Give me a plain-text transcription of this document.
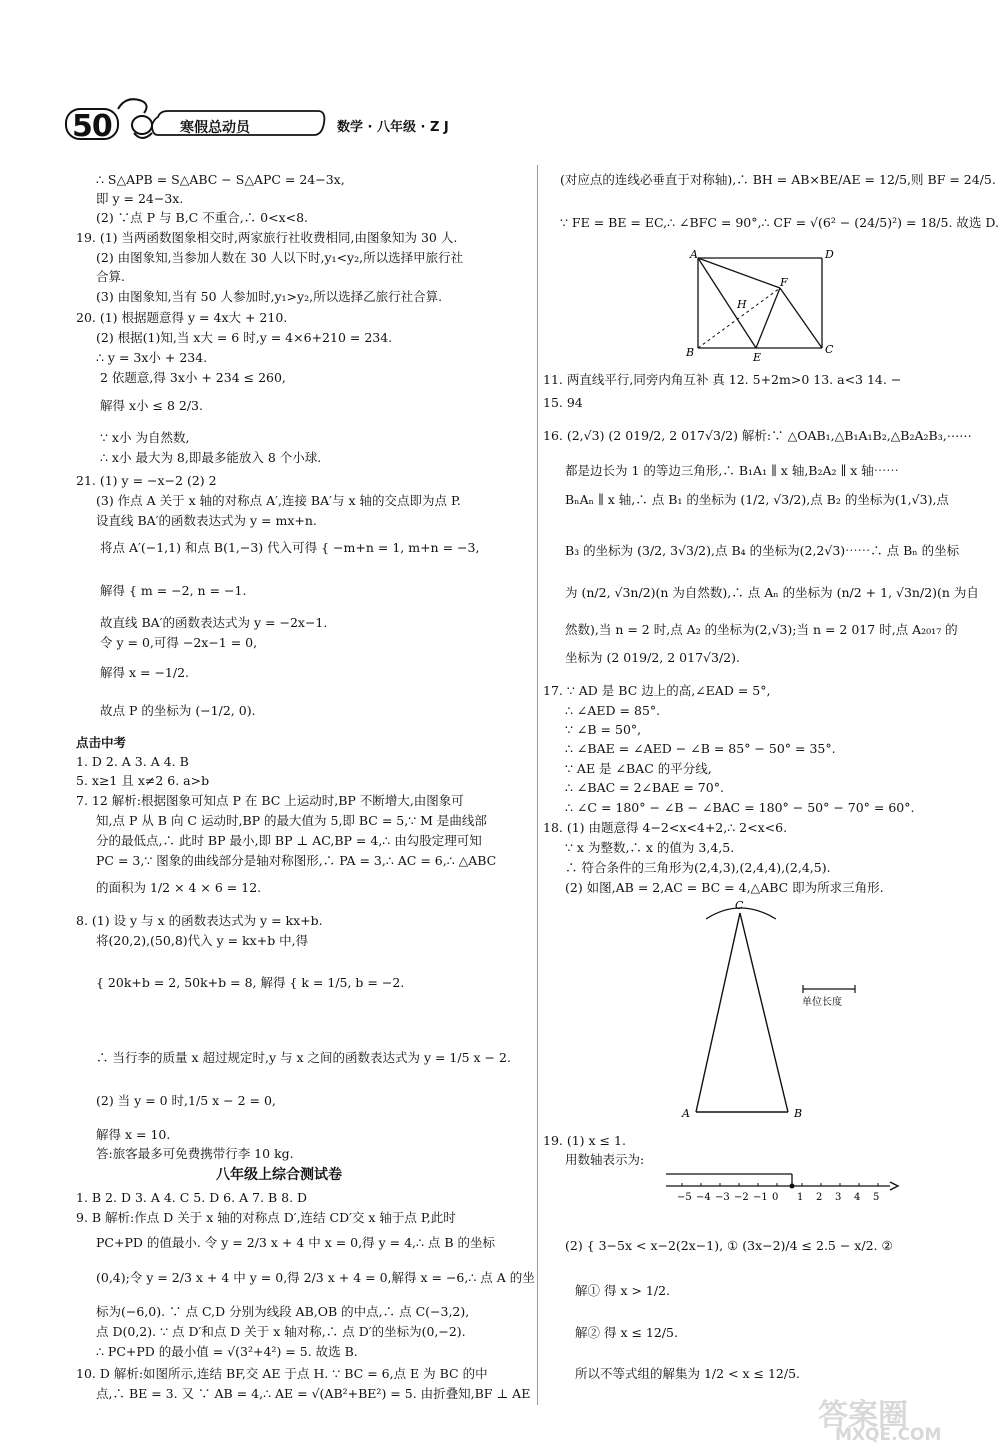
50	寒假总动员	数学 · 八年级 · Z J
∴ S△APB = S△ABC − S△APC = 24−3x,
即 y = 24−3x.
(2) ∵点 P 与 B,C 不重合,∴ 0<x<8.
19. (1) 当两函数图象相交时,两家旅行社收费相同,由图象知为 30 人.
(2) 由图象知,当参加人数在 30 人以下时,y₁<y₂,所以选择甲旅行社
合算.
(3) 由图象知,当有 50 人参加时,y₁>y₂,所以选择乙旅行社合算.
20. (1) 根据题意得 y = 4x大 + 210.
(2) 根据(1)知,当 x大 = 6 时,y = 4×6+210 = 234.
∴ y = 3x小 + 234.
2 依题意,得 3x小 + 234 ≤ 260,
解得 x小 ≤ 8 2/3.
∵ x小 为自然数,
∴ x小 最大为 8,即最多能放入 8 个小球.
21. (1) y = −x−2 (2) 2
(3) 作点 A 关于 x 轴的对称点 A′,连接 BA′与 x 轴的交点即为点 P.
设直线 BA′的函数表达式为 y = mx+n.
将点 A′(−1,1) 和点 B(1,−3) 代入可得 { −m+n = 1, m+n = −3,
解得 { m = −2, n = −1.
故直线 BA′的函数表达式为 y = −2x−1.
令 y = 0,可得 −2x−1 = 0,
解得 x = −1/2.
故点 P 的坐标为 (−1/2, 0).
点击中考
1. D 2. A 3. A 4. B
5. x≥1 且 x≠2 6. a>b
7. 12 解析:根据图象可知点 P 在 BC 上运动时,BP 不断增大,由图象可
知,点 P 从 B 向 C 运动时,BP 的最大值为 5,即 BC = 5,∵ M 是曲线部
分的最低点,∴ 此时 BP 最小,即 BP ⊥ AC,BP = 4,∴ 由勾股定理可知
PC = 3,∵ 图象的曲线部分是轴对称图形,∴ PA = 3,∴ AC = 6,∴ △ABC
的面积为 1/2 × 4 × 6 = 12.
8. (1) 设 y 与 x 的函数表达式为 y = kx+b.
将(20,2),(50,8)代入 y = kx+b 中,得
{ 20k+b = 2, 50k+b = 8, 解得 { k = 1/5, b = −2.
∴ 当行李的质量 x 超过规定时,y 与 x 之间的函数表达式为 y = 1/5 x − 2.
(2) 当 y = 0 时,1/5 x − 2 = 0,
解得 x = 10.
答:旅客最多可免费携带行李 10 kg.
八年级上综合测试卷
1. B 2. D 3. A 4. C 5. D 6. A 7. B 8. D
9. B 解析:作点 D 关于 x 轴的对称点 D′,连结 CD′交 x 轴于点 P,此时
PC+PD 的值最小. 令 y = 2/3 x + 4 中 x = 0,得 y = 4,∴ 点 B 的坐标
(0,4);令 y = 2/3 x + 4 中 y = 0,得 2/3 x + 4 = 0,解得 x = −6,∴ 点 A 的坐
标为(−6,0). ∵ 点 C,D 分别为线段 AB,OB 的中点,∴ 点 C(−3,2),
点 D(0,2). ∵ 点 D′和点 D 关于 x 轴对称,∴ 点 D′的坐标为(0,−2).
∴ PC+PD 的最小值 = √(3²+4²) = 5. 故选 B.
10. D 解析:如图所示,连结 BF,交 AE 于点 H. ∵ BC = 6,点 E 为 BC 的中
点,∴ BE = 3. 又 ∵ AB = 4,∴ AE = √(AB²+BE²) = 5. 由折叠知,BF ⊥ AE
(对应点的连线必垂直于对称轴),∴ BH = AB×BE/AE = 12/5,则 BF = 24/5.
∵ FE = BE = EC,∴ ∠BFC = 90°,∴ CF = √(6² − (24/5)²) = 18/5. 故选 D.
A	D
F
H
B	E
C
11. 两直线平行,同旁内角互补 真 12. 5+2m>0 13. a<3 14. −
15. 94
16. (2,√3) (2 019/2, 2 017√3/2) 解析:∵ △OAB₁,△B₁A₁B₂,△B₂A₂B₃,⋯⋯
都是边长为 1 的等边三角形,∴ B₁A₁ ∥ x 轴,B₂A₂ ∥ x 轴⋯⋯
BₙAₙ ∥ x 轴,∴ 点 B₁ 的坐标为 (1/2, √3/2),点 B₂ 的坐标为(1,√3),点
B₃ 的坐标为 (3/2, 3√3/2),点 B₄ 的坐标为(2,2√3)⋯⋯∴ 点 Bₙ 的坐标
为 (n/2, √3n/2)(n 为自然数),∴ 点 Aₙ 的坐标为 (n/2 + 1, √3n/2)(n 为自
然数),当 n = 2 时,点 A₂ 的坐标为(2,√3);当 n = 2 017 时,点 A₂₀₁₇ 的
坐标为 (2 019/2, 2 017√3/2).
17. ∵ AD 是 BC 边上的高,∠EAD = 5°,
∴ ∠AED = 85°.
∵ ∠B = 50°,
∴ ∠BAE = ∠AED − ∠B = 85° − 50° = 35°.
∵ AE 是 ∠BAC 的平分线,
∴ ∠BAC = 2∠BAE = 70°.
∴ ∠C = 180° − ∠B − ∠BAC = 180° − 50° − 70° = 60°.
18. (1) 由题意得 4−2<x<4+2,∴ 2<x<6.
∵ x 为整数,∴ x 的值为 3,4,5.
∴ 符合条件的三角形为(2,4,3),(2,4,4),(2,4,5).
(2) 如图,AB = 2,AC = BC = 4,△ABC 即为所求三角形.
C
A	B
单位长度
19. (1) x ≤ 1.
用数轴表示为:
−5 −4 −3 −2 −1 0 1 2 3 4 5
(2) { 3−5x < x−2(2x−1), ① (3x−2)/4 ≤ 2.5 − x/2. ②
解① 得 x > 1/2.
解② 得 x ≤ 12/5.
所以不等式组的解集为 1/2 < x ≤ 12/5.
答案圈
MXQE.COM
